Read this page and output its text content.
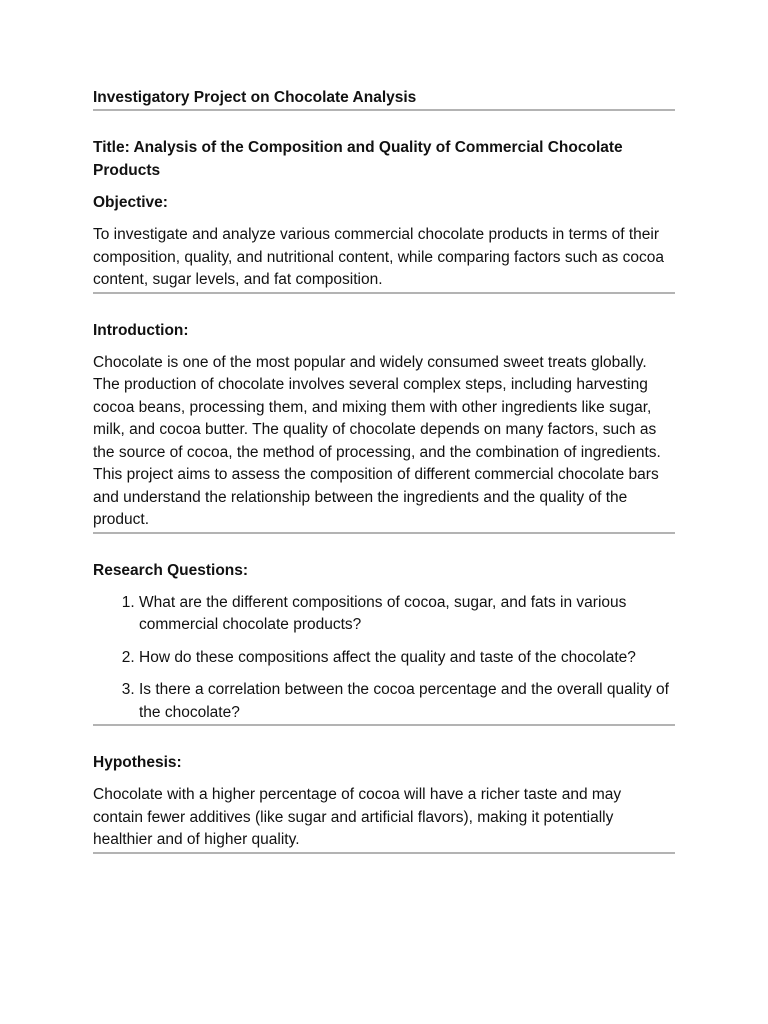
Investigatory Project on Chocolate Analysis

Title: Analysis of the Composition and Quality of Commercial Chocolate Products

Objective:

To investigate and analyze various commercial chocolate products in terms of their composition, quality, and nutritional content, while comparing factors such as cocoa content, sugar levels, and fat composition.

Introduction:

Chocolate is one of the most popular and widely consumed sweet treats globally. The production of chocolate involves several complex steps, including harvesting cocoa beans, processing them, and mixing them with other ingredients like sugar, milk, and cocoa butter. The quality of chocolate depends on many factors, such as the source of cocoa, the method of processing, and the combination of ingredients. This project aims to assess the composition of different commercial chocolate bars and understand the relationship between the ingredients and the quality of the product.

Research Questions:

1. What are the different compositions of cocoa, sugar, and fats in various commercial chocolate products?
2. How do these compositions affect the quality and taste of the chocolate?
3. Is there a correlation between the cocoa percentage and the overall quality of the chocolate?

Hypothesis:

Chocolate with a higher percentage of cocoa will have a richer taste and may contain fewer additives (like sugar and artificial flavors), making it potentially healthier and of higher quality.
